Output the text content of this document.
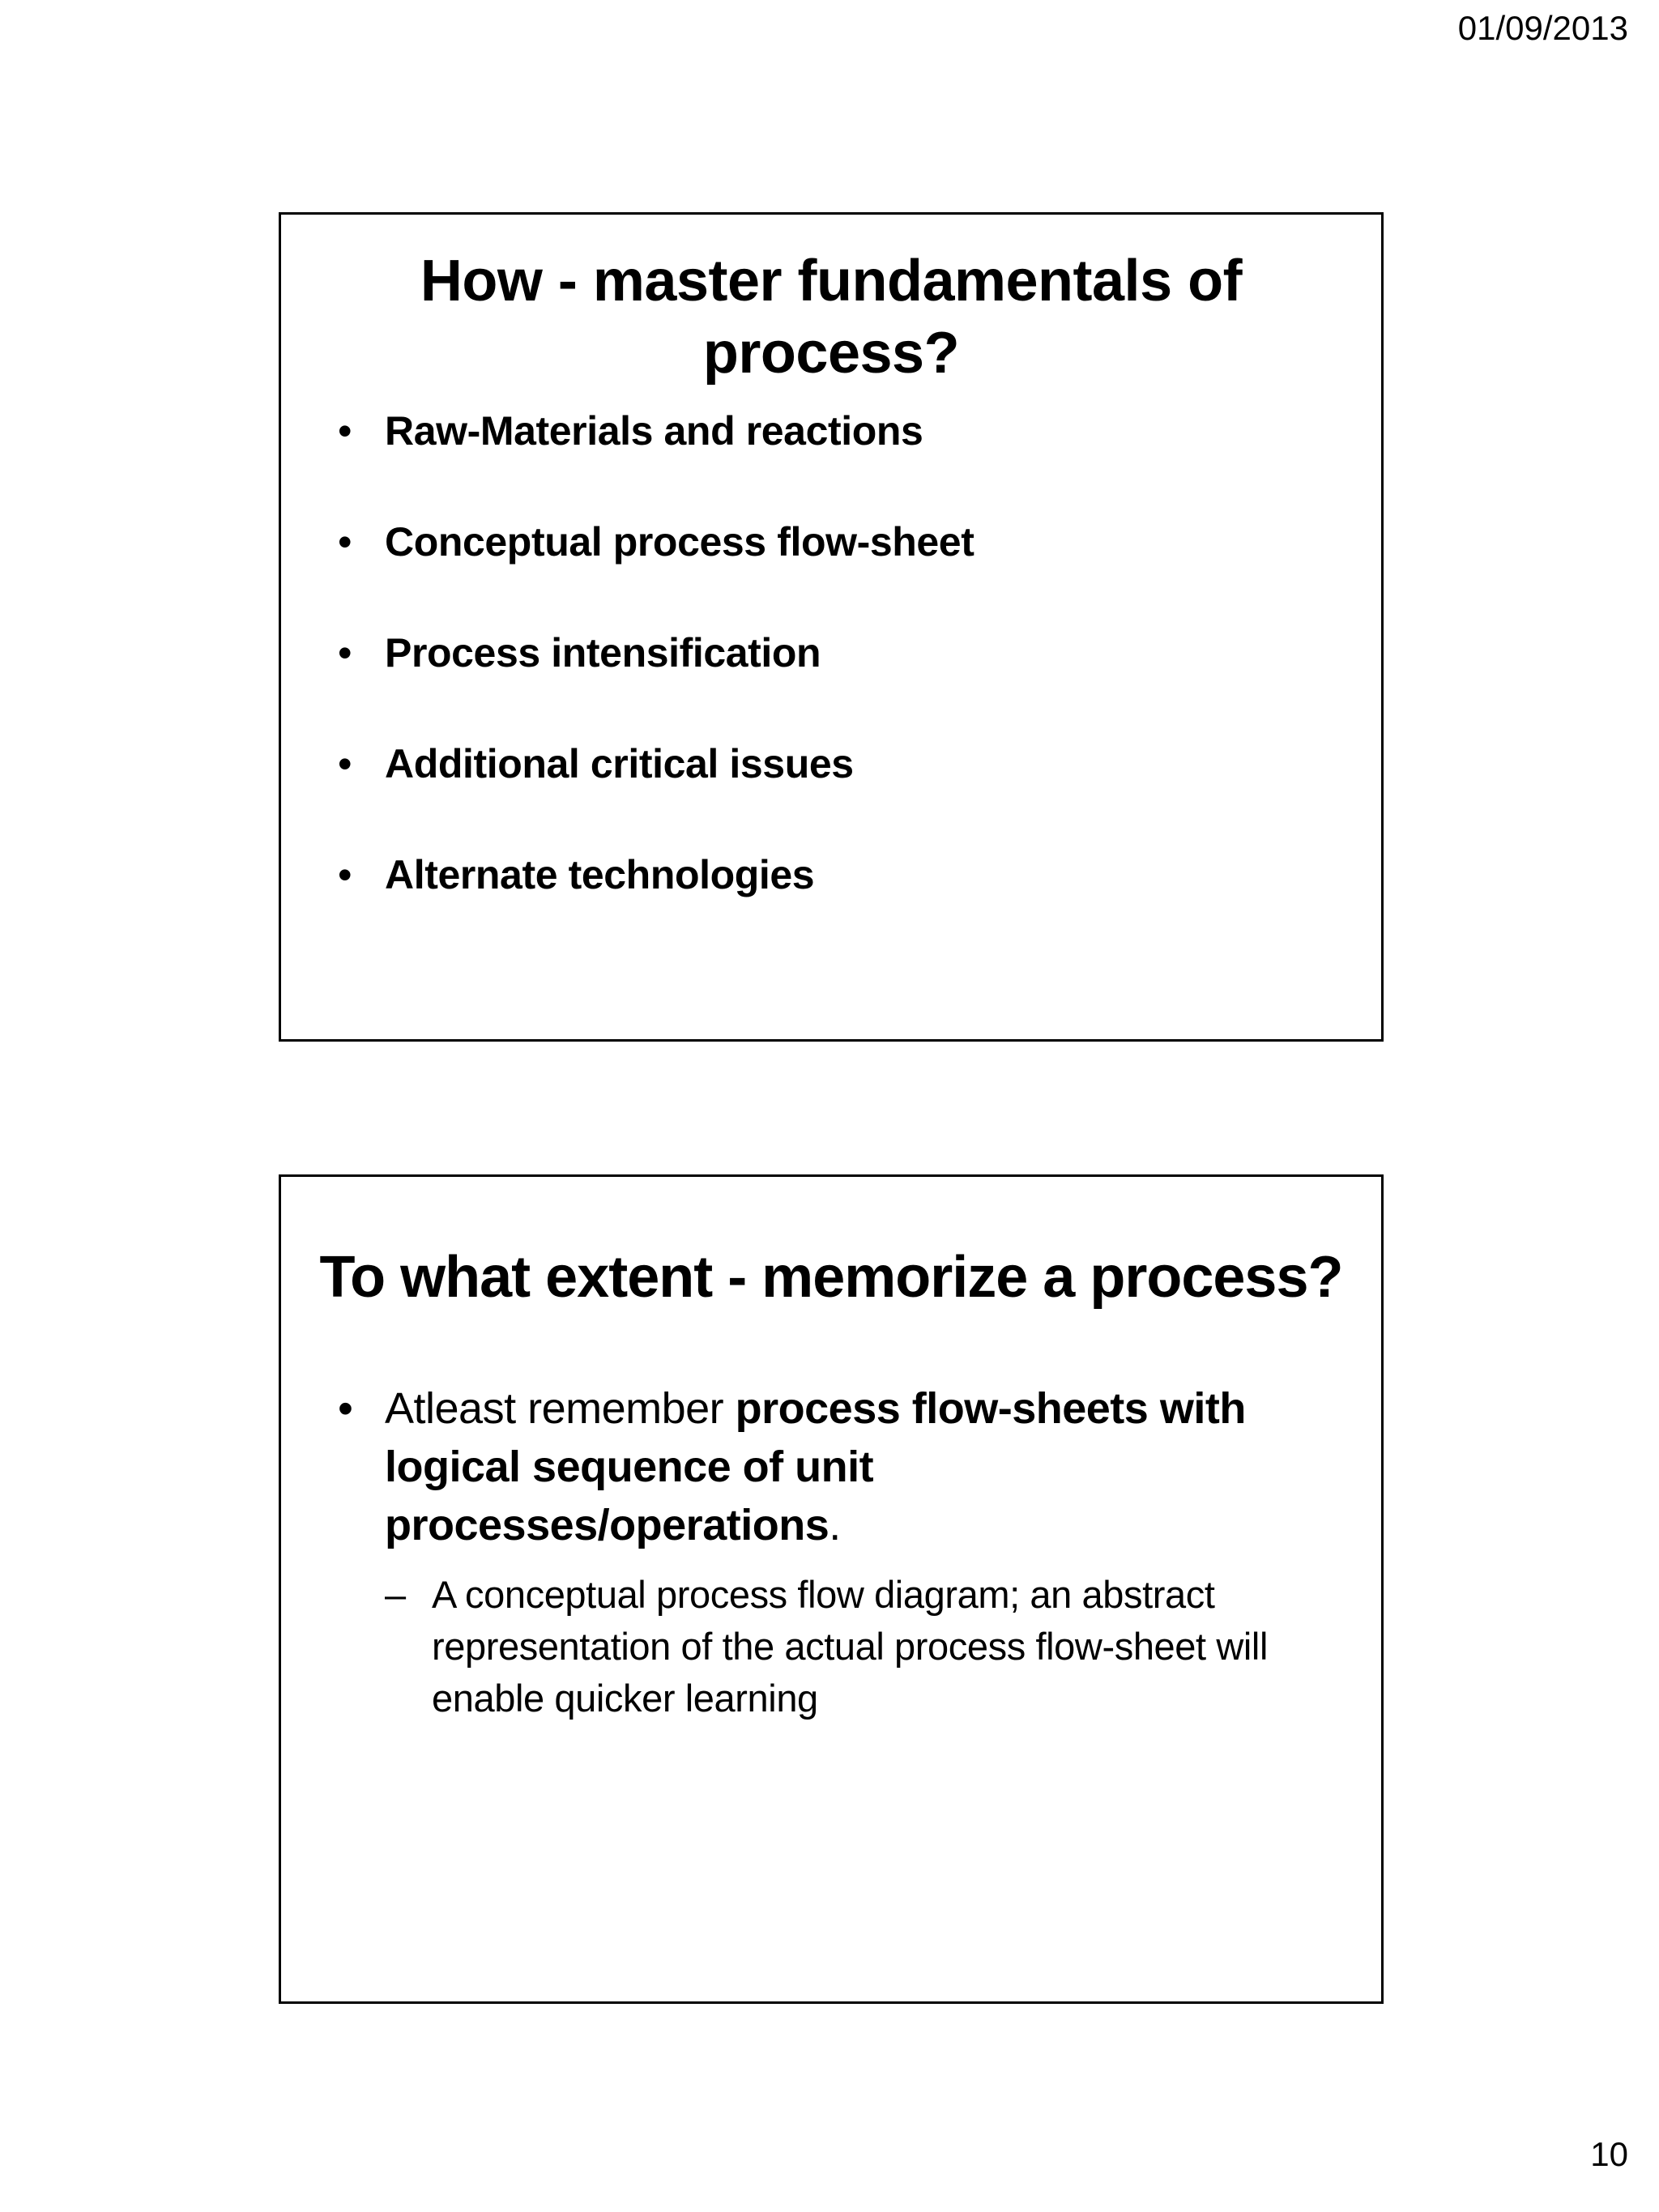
01/09/2013
How - master fundamentals of process?
• Raw-Materials and reactions
• Conceptual process flow-sheet
• Process intensification
• Additional critical issues
• Alternate technologies
To what extent - memorize a process?
• Atleast remember process flow-sheets with logical sequence of unit processes/operations.
– A conceptual process flow diagram; an abstract representation of the actual process flow-sheet will enable quicker learning
10
